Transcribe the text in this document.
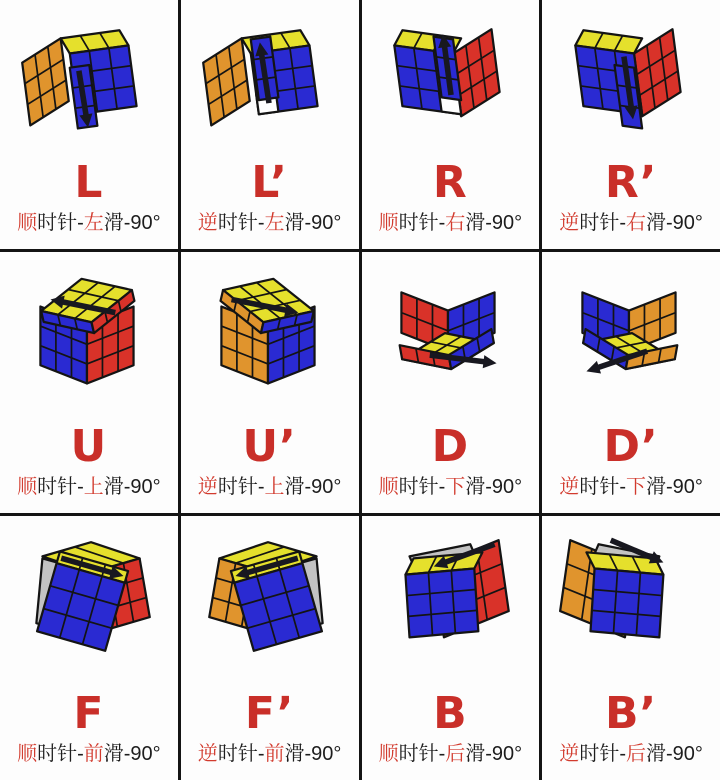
L
顺时针-左滑-90°
L’
逆时针-左滑-90°
R
顺时针-右滑-90°
R’
逆时针-右滑-90°
U
顺时针-上滑-90°
U’
逆时针-上滑-90°
D
顺时针-下滑-90°
D’
逆时针-下滑-90°
F
顺时针-前滑-90°
F’
逆时针-前滑-90°
B
顺时针-后滑-90°
B’
逆时针-后滑-90°
